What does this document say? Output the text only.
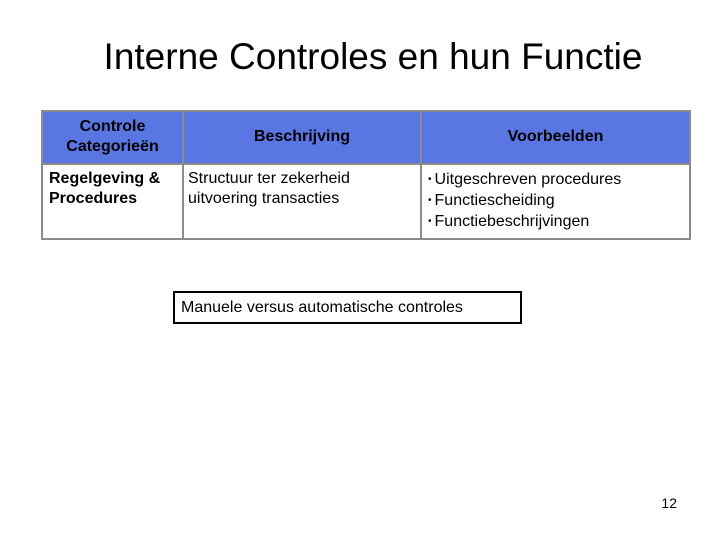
Interne Controles en hun Functie
Controle
Categorieën
Beschrijving	Voorbeelden
Regelgeving &
Procedures
Structuur ter zekerheid
uitvoering transacties
• Uitgeschreven procedures
• Functiescheiding
• Functiebeschrijvingen
Manuele versus automatische controles
12
